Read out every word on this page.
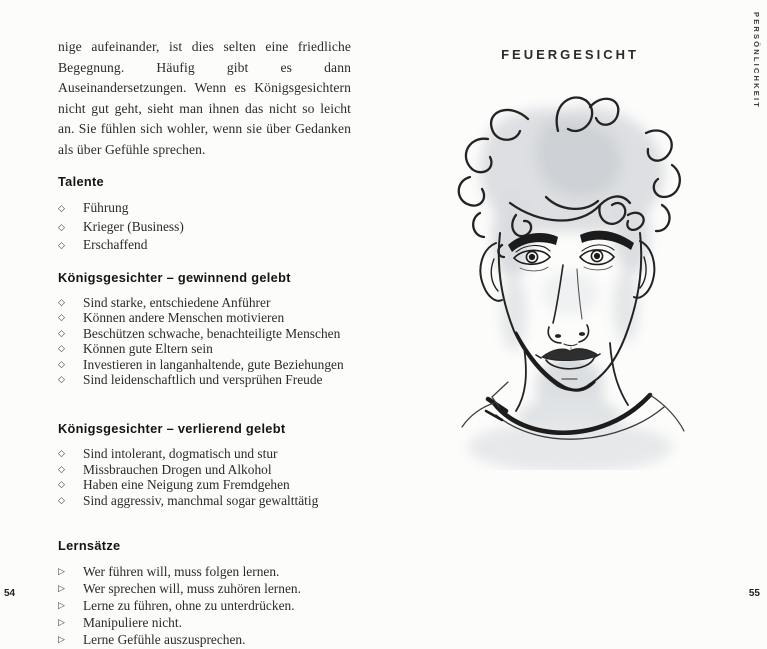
nige aufeinander, ist dies selten eine friedliche Begegnung. Häufig gibt es dann Auseinandersetzungen. Wenn es Königsgesichtern nicht gut geht, sieht man ihnen das nicht so leicht an. Sie fühlen sich wohler, wenn sie über Gedanken als über Gefühle sprechen.

Talente
◇	Führung
◇	Krieger (Business)
◇	Erschaffend
Königsgesichter – gewinnend gelebt
◇	Sind starke, entschiedene Anführer
◇	Können andere Menschen motivieren
◇	Beschützen schwache, benachteiligte Menschen
◇	Können gute Eltern sein
◇	Investieren in langanhaltende, gute Beziehungen
◇	Sind leidenschaftlich und versprühen Freude
Königsgesichter – verlierend gelebt
◇	Sind intolerant, dogmatisch und stur
◇	Missbrauchen Drogen und Alkohol
◇	Haben eine Neigung zum Fremdgehen
◇	Sind aggressiv, manchmal sogar gewalttätig
Lernsätze
▷	Wer führen will, muss folgen lernen.
▷	Wer sprechen will, muss zuhören lernen.
▷	Lerne zu führen, ohne zu unterdrücken.
▷	Manipuliere nicht.
▷	Lerne Gefühle auszusprechen.
FEUERGESICHT	PERSÖNLICHKEIT
54	55
